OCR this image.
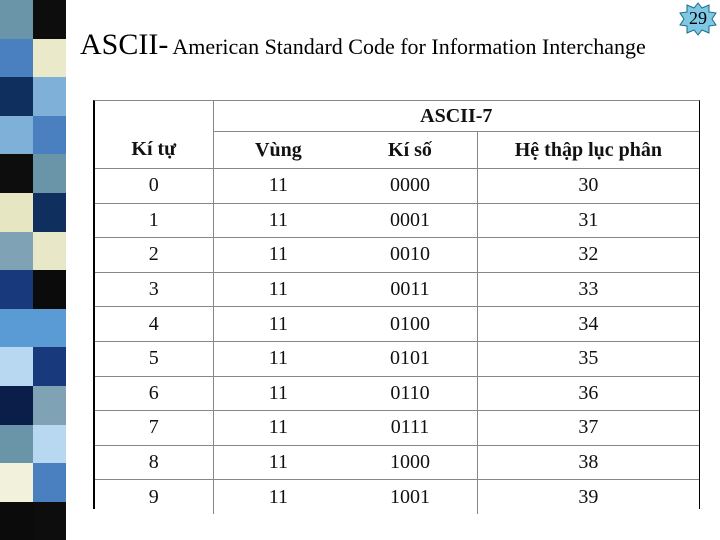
29
ASCII- American Standard Code for Information Interchange
	ASCII-7		
Kí tự	Vùng	Kí số	Hệ thập lục phân
0	11	0000	30
1	11	0001	31
2	11	0010	32
3	11	0011	33
4	11	0100	34
5	11	0101	35
6	11	0110	36
7	11	0111	37
8	11	1000	38
9	11	1001	39
